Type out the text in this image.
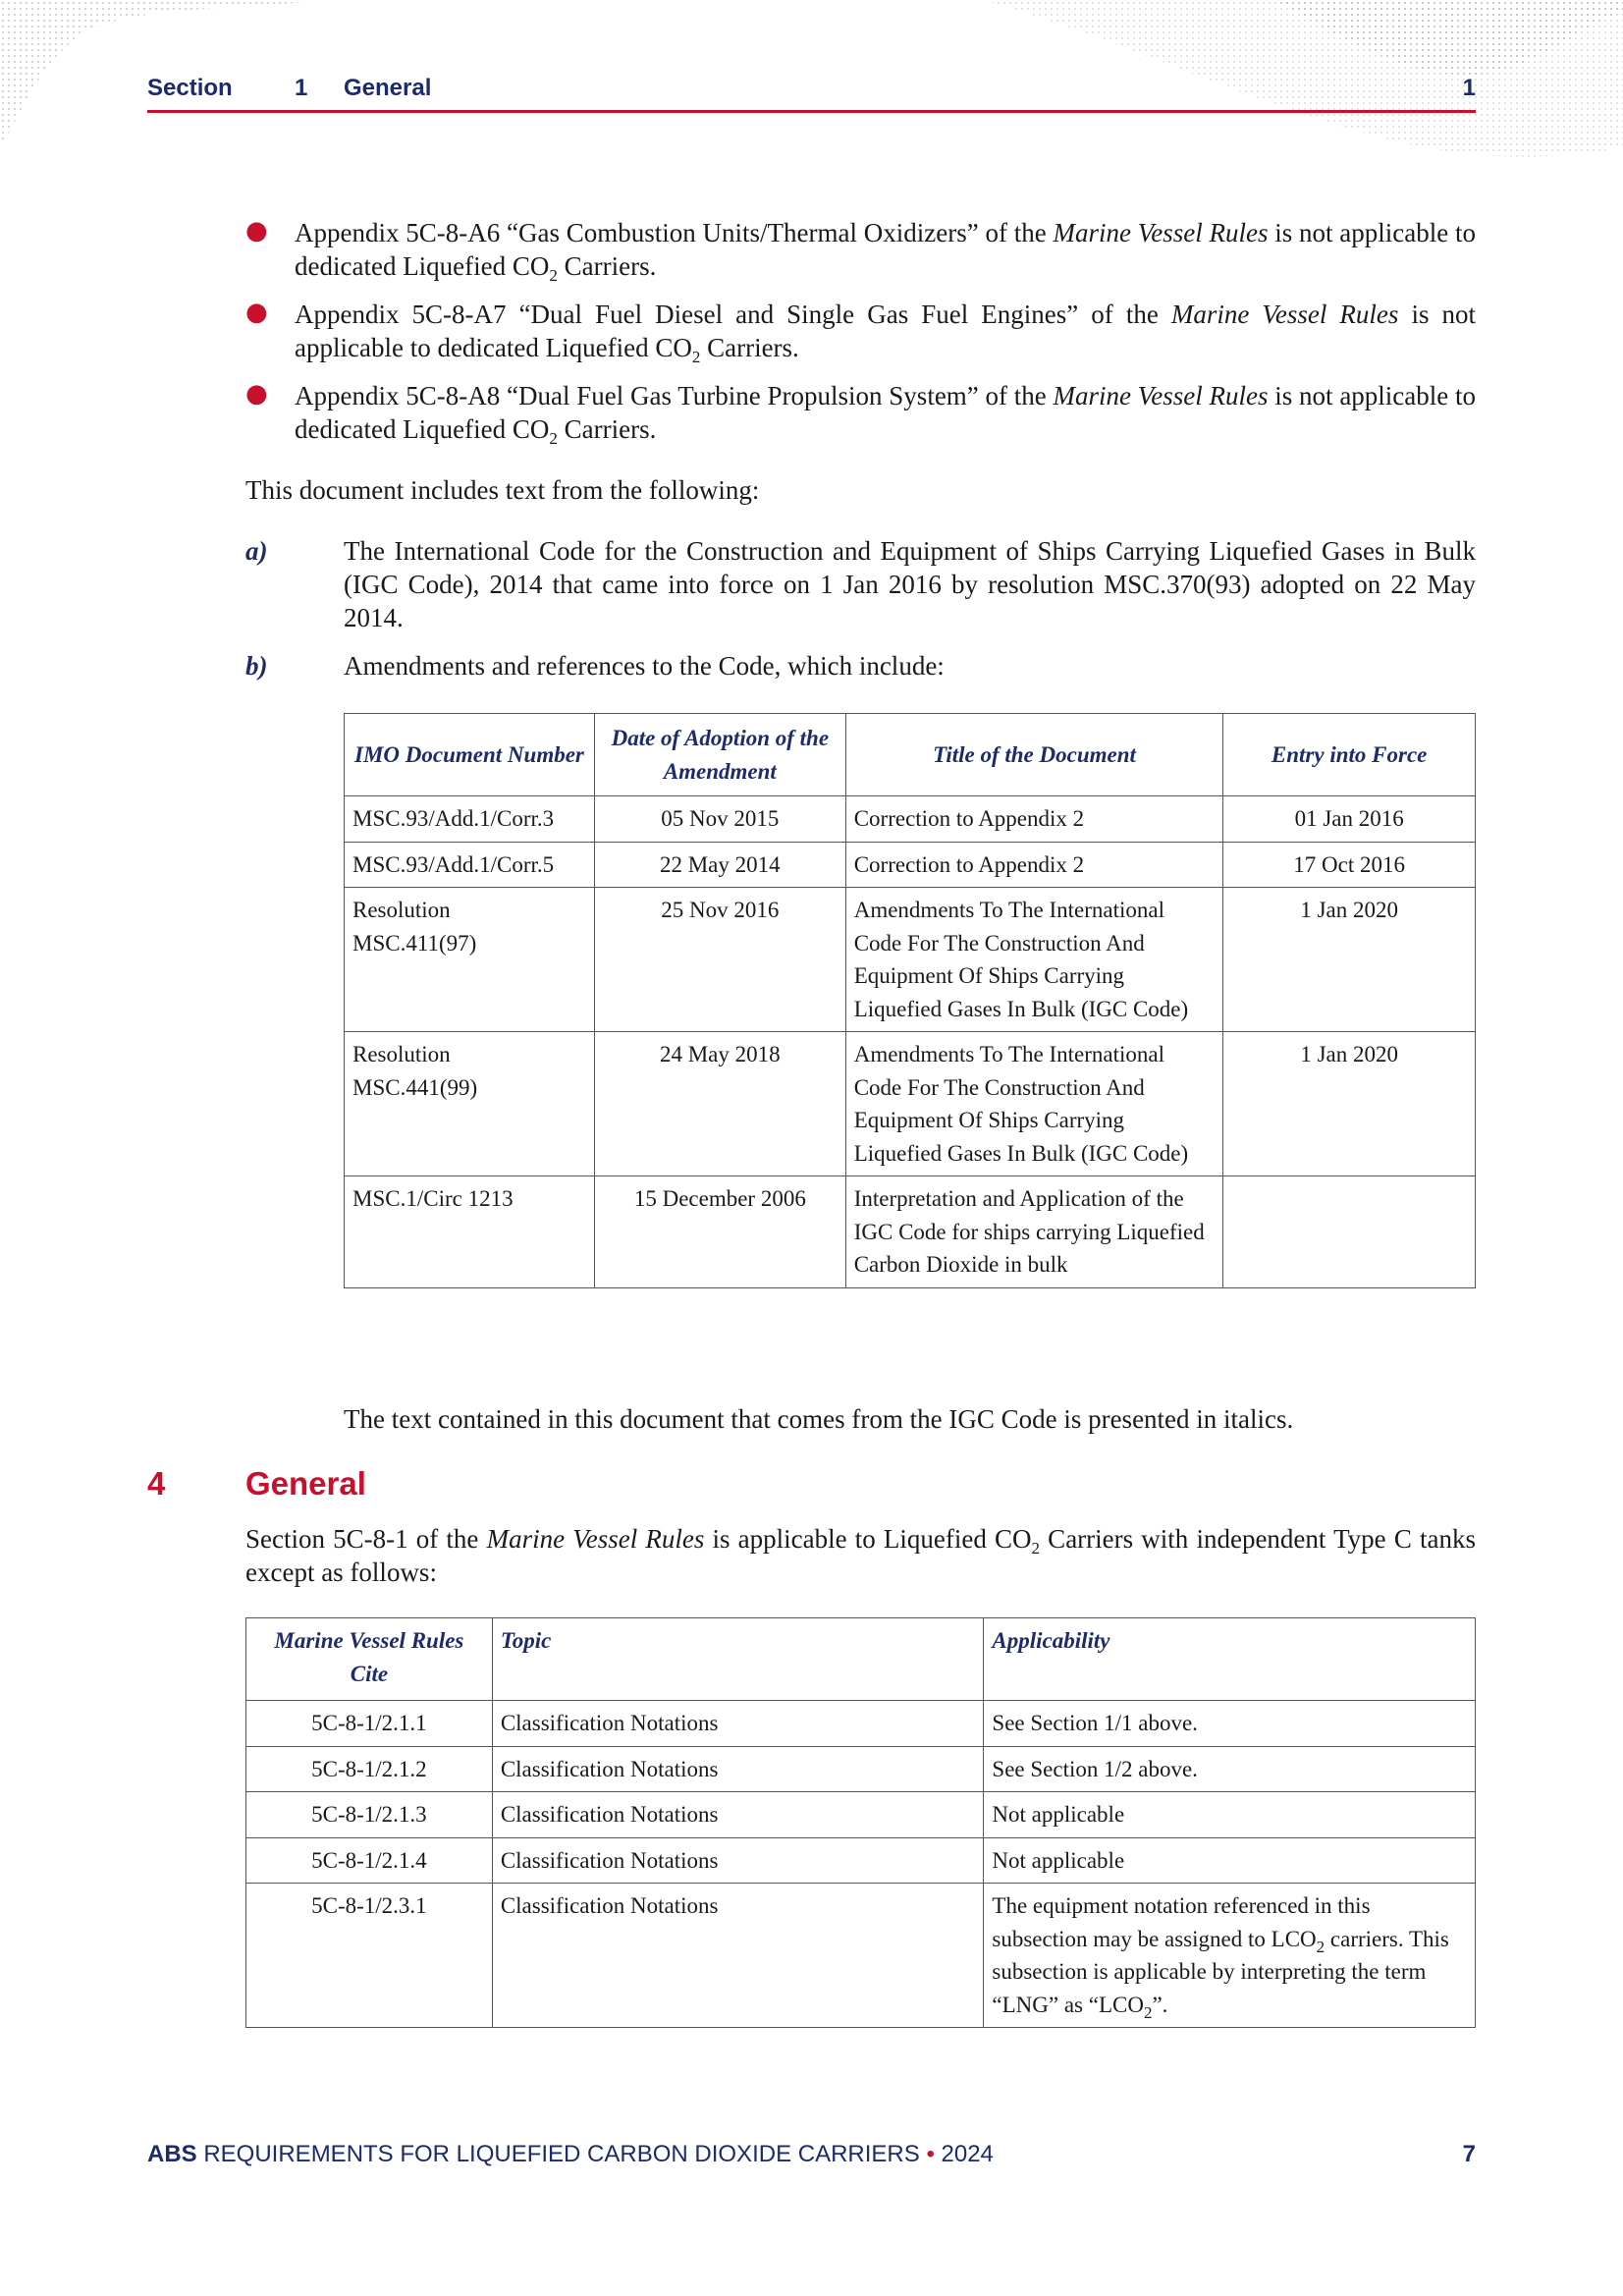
Section	1 General	1
● Appendix 5C-8-A6 “Gas Combustion Units/Thermal Oxidizers” of the Marine Vessel Rules is not applicable to dedicated Liquefied $CO_2$ Carriers.

● Appendix 5C-8-A7 “Dual Fuel Diesel and Single Gas Fuel Engines” of the Marine Vessel Rules is not applicable to dedicated Liquefied $CO_2$ Carriers.

● Appendix 5C-8-A8 “Dual Fuel Gas Turbine Propulsion System” of the Marine Vessel Rules is not applicable to dedicated Liquefied $CO_2$ Carriers.

This document includes text from the following:

a)	The International Code for the Construction and Equipment of Ships Carrying Liquefied Gases in Bulk (IGC Code), 2014 that came into force on 1 Jan 2016 by resolution MSC.370(93) adopted on 22 May 2014.

b)	Amendments and references to the Code, which include:

IMO Document Number	Date of Adoption of the Amendment	Title of the Document	Entry into Force
MSC.93/Add.1/Corr.3	05 Nov 2015	Correction to Appendix 2	01 Jan 2016
MSC.93/Add.1/Corr.5	22 May 2014	Correction to Appendix 2	17 Oct 2016
Resolution MSC.411(97)	25 Nov 2016	Amendments To The International Code For The Construction And Equipment Of Ships Carrying Liquefied Gases In Bulk (IGC Code)	1 Jan 2020
Resolution MSC.441(99)	24 May 2018	Amendments To The International Code For The Construction And Equipment Of Ships Carrying Liquefied Gases In Bulk (IGC Code)	1 Jan 2020
MSC.1/Circ 1213	15 December 2006	Interpretation and Application of the IGC Code for ships carrying Liquefied Carbon Dioxide in bulk	

The text contained in this document that comes from the IGC Code is presented in italics.

4 General

Section 5C-8-1 of the Marine Vessel Rules is applicable to Liquefied $CO_2$ Carriers with independent Type C tanks except as follows:

Marine Vessel Rules Cite	Topic	Applicability
5C-8-1/2.1.1	Classification Notations	See Section 1/1 above.
5C-8-1/2.1.2	Classification Notations	See Section 1/2 above.
5C-8-1/2.1.3	Classification Notations	Not applicable
5C-8-1/2.1.4	Classification Notations	Not applicable
5C-8-1/2.3.1	Classification Notations	The equipment notation referenced in this subsection may be assigned to $LCO_2$ carriers. This subsection is applicable by interpreting the term “LNG” as “$LCO_2$”.
ABS REQUIREMENTS FOR LIQUEFIED CARBON DIOXIDE CARRIERS • 2024	7
